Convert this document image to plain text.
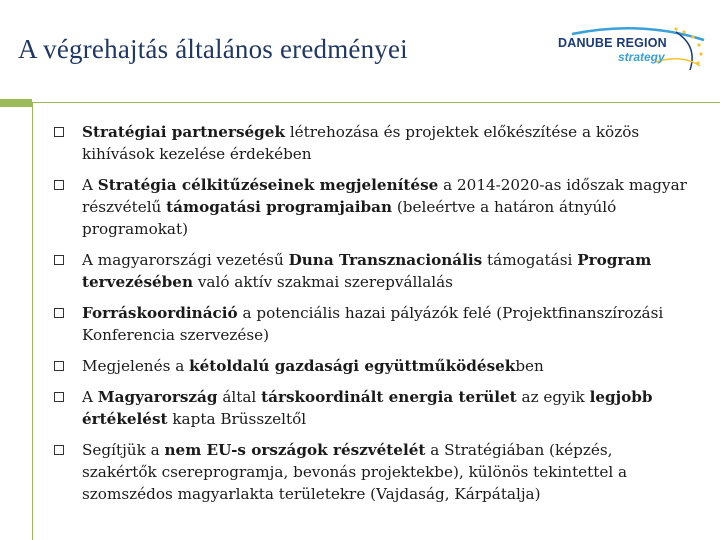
A végrehajtás általános eredményei	DANUBE REGION
strategy
Stratégiai partnerségek létrehozása és projektek előkészítése a közös kihívások kezelése érdekében
A Stratégia célkitűzéseinek megjelenítése a 2014-2020-as időszak magyar részvételű támogatási programjaiban (beleértve a határon átnyúló programokat)
A magyarországi vezetésű Duna Transznacionális támogatási Program tervezésében való aktív szakmai szerepvállalás
Forráskoordináció a potenciális hazai pályázók felé (Projektfinanszírozási Konferencia szervezése)
Megjelenés a kétoldalú gazdasági együttműködésekben
A Magyarország által társkoordinált energia terület az egyik legjobb értékelést kapta Brüsszeltől
Segítjük a nem EU-s országok részvételét a Stratégiában (képzés, szakértők csereprogramja, bevonás projektekbe), különös tekintettel a szomszédos magyarlakta területekre (Vajdaság, Kárpátalja)
